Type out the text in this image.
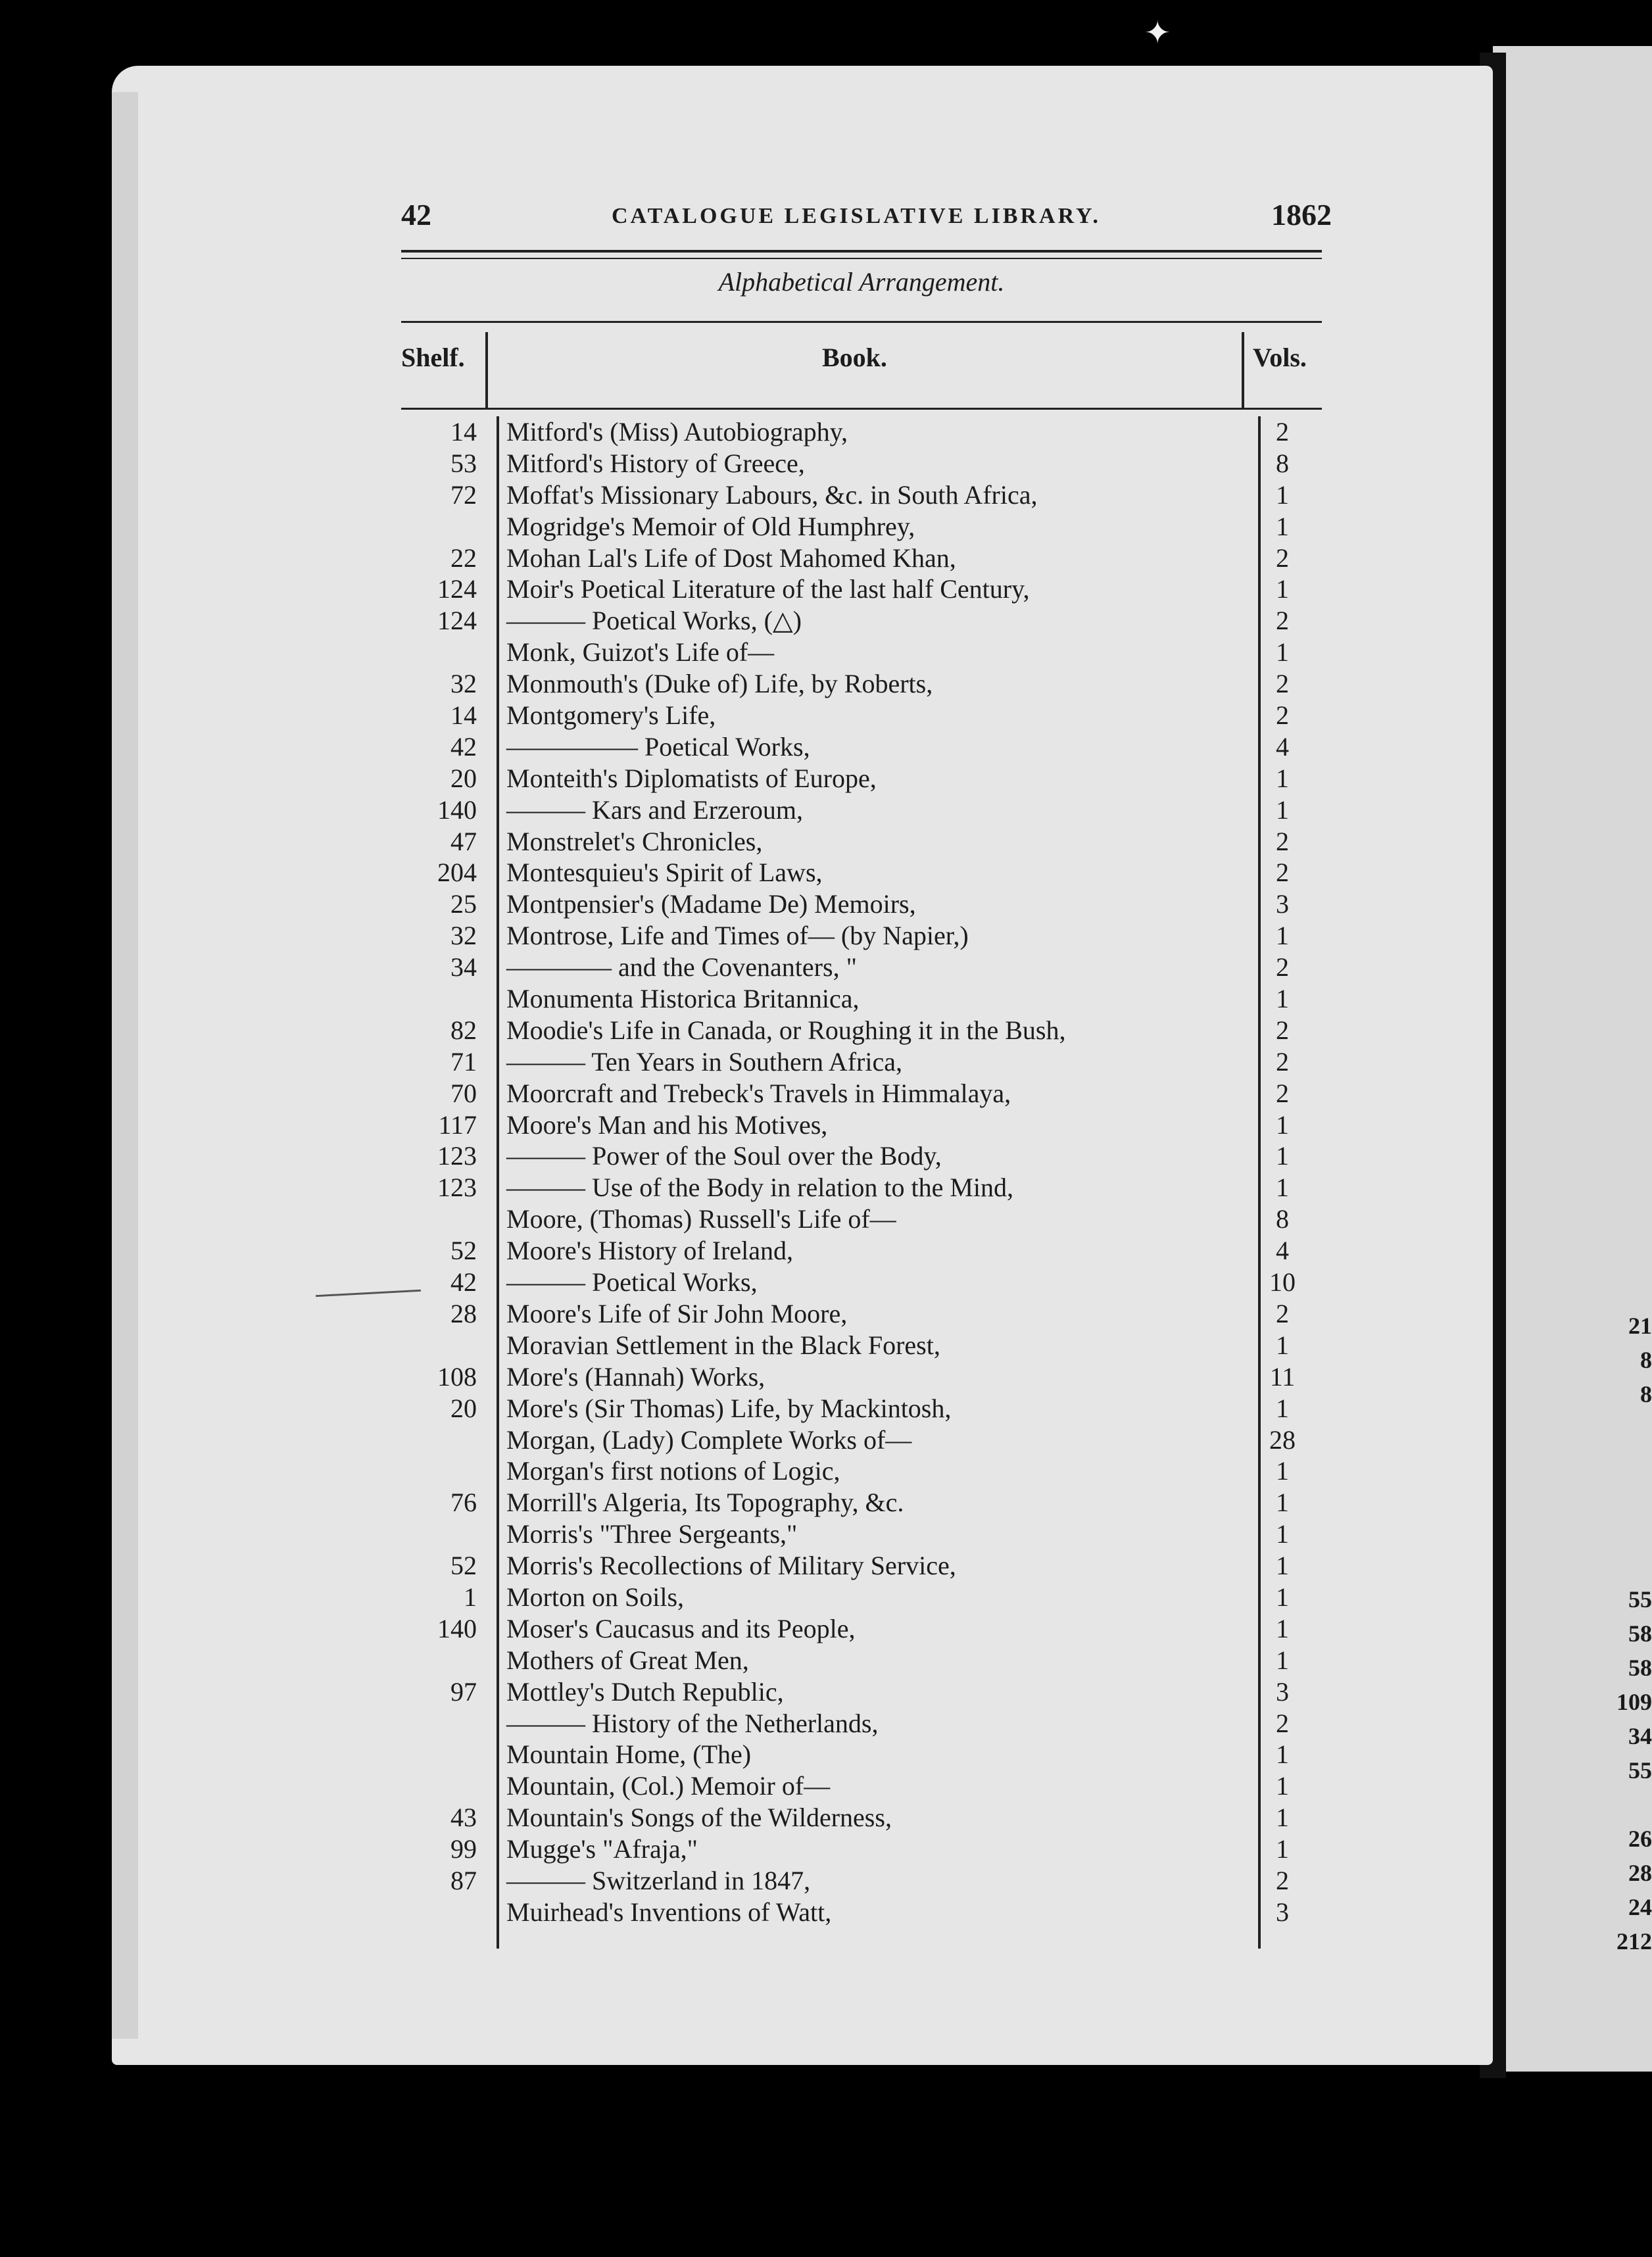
✦
21
8
8
55
58
58
109
34
55
26
28
24
212
42	CATALOGUE LEGISLATIVE LIBRARY.	1862
Alphabetical Arrangement.
Shelf.	Book.	Vols.
14 Mitford's (Miss) Autobiography,	2
53 Mitford's History of Greece,	8
72 Moffat's Missionary Labours, &c. in South Africa,	1
Mogridge's Memoir of Old Humphrey,	1
22 Mohan Lal's Life of Dost Mahomed Khan,	2
124 Moir's Poetical Literature of the last half Century,	1
124 ——— Poetical Works, (△)	2
Monk, Guizot's Life of—	1
32 Monmouth's (Duke of) Life, by Roberts,	2
14 Montgomery's Life,	2
42 ————— Poetical Works,	4
20 Monteith's Diplomatists of Europe,	1
140 ——— Kars and Erzeroum,	1
47 Monstrelet's Chronicles,	2
204 Montesquieu's Spirit of Laws,	2
25 Montpensier's (Madame De) Memoirs,	3
32 Montrose, Life and Times of— (by Napier,)	1
34 ———— and the Covenanters, "	2
Monumenta Historica Britannica,	1
82 Moodie's Life in Canada, or Roughing it in the Bush,	2
71 ——— Ten Years in Southern Africa,	2
70 Moorcraft and Trebeck's Travels in Himmalaya,	2
117 Moore's Man and his Motives,	1
123 ——— Power of the Soul over the Body,	1
123 ——— Use of the Body in relation to the Mind,	1
Moore, (Thomas) Russell's Life of—	8
52 Moore's History of Ireland,	4
42 ——— Poetical Works,	10
28 Moore's Life of Sir John Moore,	2
Moravian Settlement in the Black Forest,	1
108 More's (Hannah) Works,	11
20 More's (Sir Thomas) Life, by Mackintosh,	1
Morgan, (Lady) Complete Works of—	28
Morgan's first notions of Logic,	1
76 Morrill's Algeria, Its Topography, &c.	1
Morris's "Three Sergeants,"	1
52 Morris's Recollections of Military Service,	1
1 Morton on Soils,	1
140 Moser's Caucasus and its People,	1
Mothers of Great Men,	1
97 Mottley's Dutch Republic,	3
——— History of the Netherlands,	2
Mountain Home, (The)	1
Mountain, (Col.) Memoir of—	1
43 Mountain's Songs of the Wilderness,	1
99 Mugge's "Afraja,"	1
87 ——— Switzerland in 1847,	2
Muirhead's Inventions of Watt,	3
